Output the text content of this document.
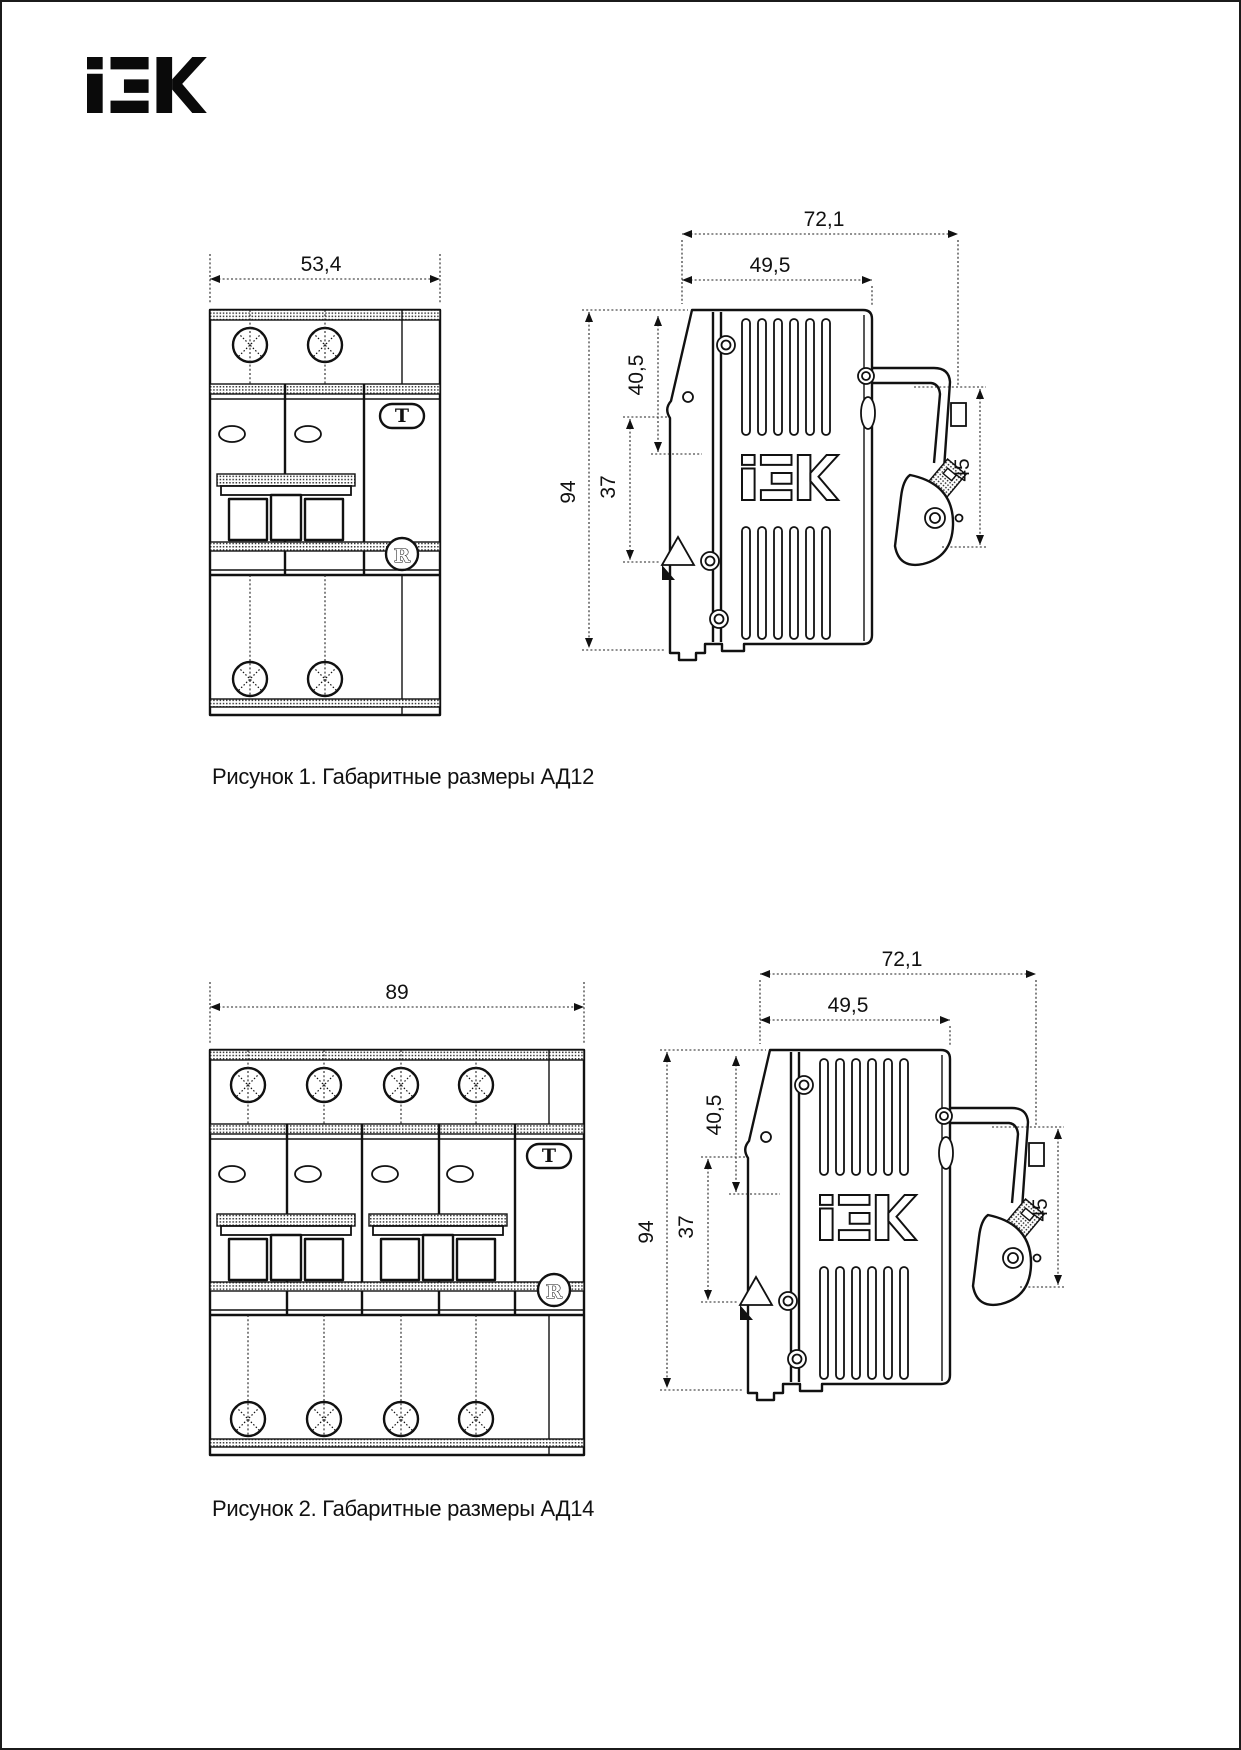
53,4
T
R
72,1
49,5
94
40,5
37
45
89
T
R
72,1
49,5
94
40,5
37
45
Рисунок 1. Габаритные размеры АД12
Рисунок 2. Габаритные размеры АД14
